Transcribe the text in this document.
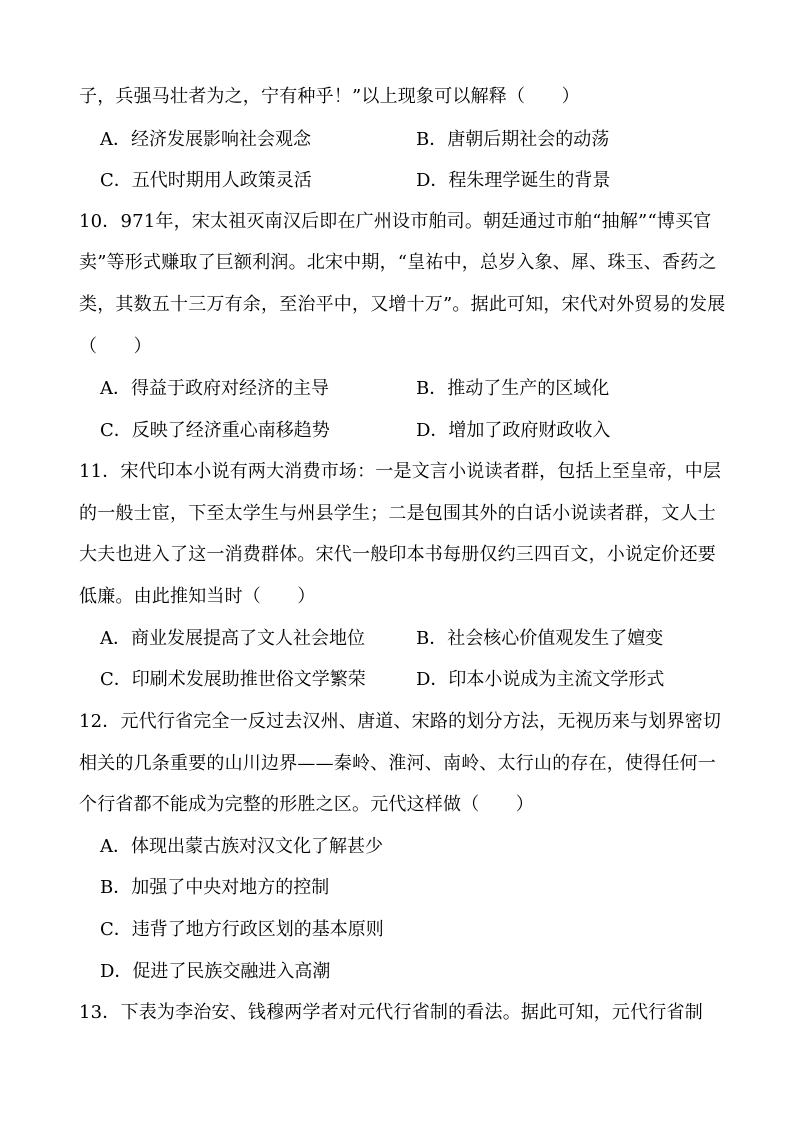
子，兵强马壮者为之，宁有种乎！”以上现象可以解释（　　）
A．经济发展影响社会观念	B．唐朝后期社会的动荡
C．五代时期用人政策灵活	D．程朱理学诞生的背景
10．971年，宋太祖灭南汉后即在广州设市舶司。朝廷通过市舶“抽解”“博买官
卖”等形式赚取了巨额利润。北宋中期，“皇祐中，总岁入象、犀、珠玉、香药之
类，其数五十三万有余，至治平中，又增十万”。据此可知，宋代对外贸易的发展
（　　）
A．得益于政府对经济的主导	B．推动了生产的区域化
C．反映了经济重心南移趋势	D．增加了政府财政收入
11．宋代印本小说有两大消费市场：一是文言小说读者群，包括上至皇帝，中层
的一般士宦，下至太学生与州县学生；二是包围其外的白话小说读者群，文人士
大夫也进入了这一消费群体。宋代一般印本书每册仅约三四百文，小说定价还要
低廉。由此推知当时（　　）
A．商业发展提高了文人社会地位	B．社会核心价值观发生了嬗变
C．印刷术发展助推世俗文学繁荣	D．印本小说成为主流文学形式
12．元代行省完全一反过去汉州、唐道、宋路的划分方法，无视历来与划界密切
相关的几条重要的山川边界——秦岭、淮河、南岭、太行山的存在，使得任何一
个行省都不能成为完整的形胜之区。元代这样做（　　）
A．体现出蒙古族对汉文化了解甚少
B．加强了中央对地方的控制
C．违背了地方行政区划的基本原则
D．促进了民族交融进入高潮
13．下表为李治安、钱穆两学者对元代行省制的看法。据此可知，元代行省制
